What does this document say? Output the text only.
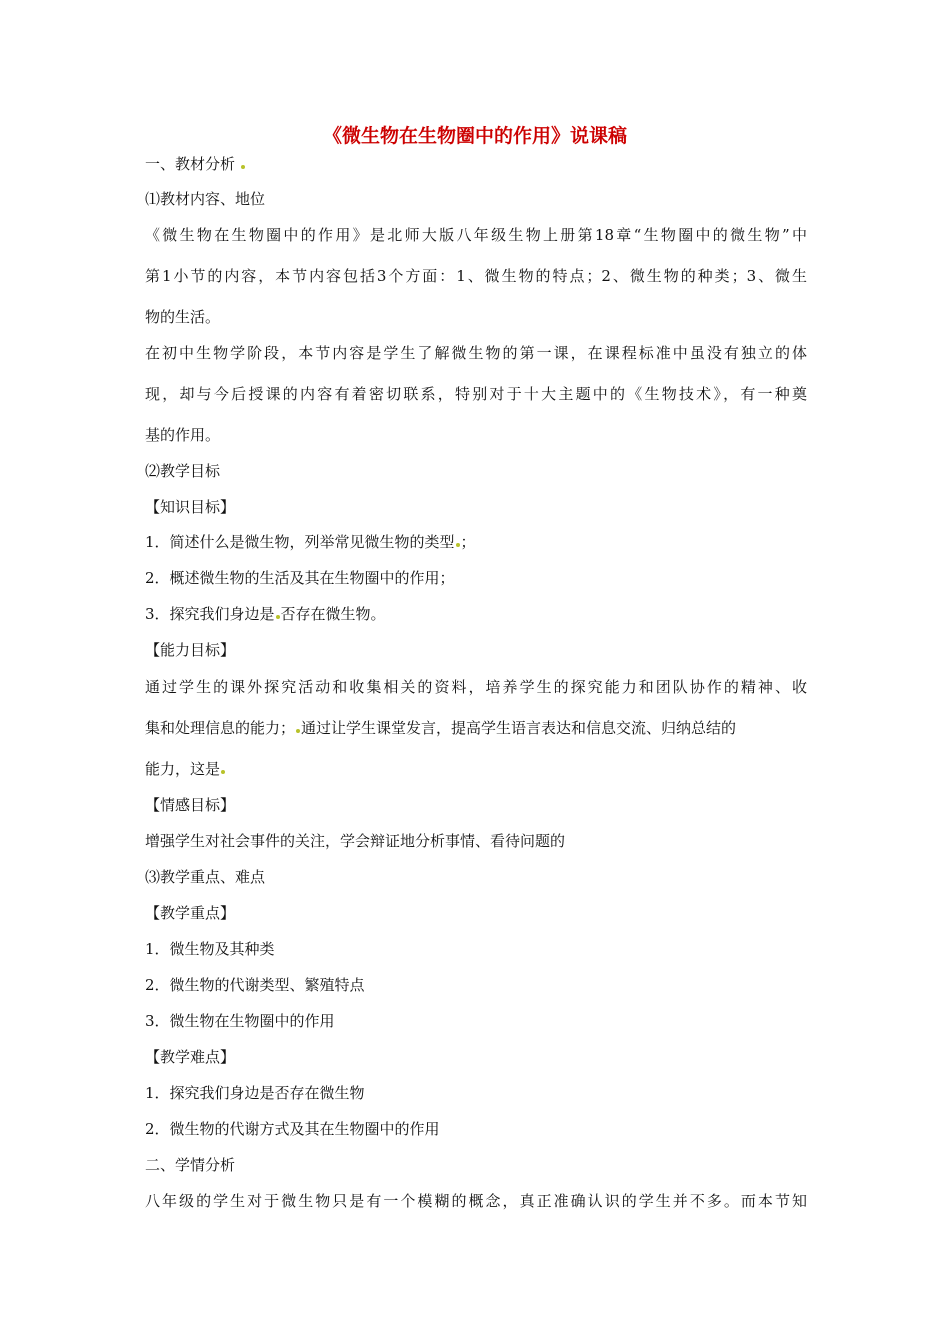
《微生物在生物圈中的作用》说课稿

一、教材分析

⑴教材内容、地位

《微生物在生物圈中的作用》是北师大版八年级生物上册第18章“生物圈中的微生物”中

第1小节的内容，本节内容包括3个方面：1、微生物的特点；2、微生物的种类；3、微生

物的生活。

在初中生物学阶段，本节内容是学生了解微生物的第一课，在课程标准中虽没有独立的体

现，却与今后授课的内容有着密切联系，特别对于十大主题中的《生物技术》，有一种奠

基的作用。

⑵教学目标

【知识目标】

1．简述什么是微生物，列举常见微生物的类型 ；

2．概述微生物的生活及其在生物圈中的作用；

3．探究我们身边是 否存在微生物。

【能力目标】

通过学生的课外探究活动和收集相关的资料，培养学生的探究能力和团队协作的精神、收

集和处理信息的能力； 通过让学生课堂发言，提高学生语言表达和信息交流、归纳总结的

能力，这是

【情感目标】

增强学生对社会事件的关注，学会辩证地分析事情、看待问题的

⑶教学重点、难点

【教学重点】

1．微生物及其种类

2．微生物的代谢类型、繁殖特点

3．微生物在生物圈中的作用

【教学难点】

1．探究我们身边是否存在微生物

2．微生物的代谢方式及其在生物圈中的作用

二、学情分析

八年级的学生对于微生物只是有一个模糊的概念，真正准确认识的学生并不多。而本节知
